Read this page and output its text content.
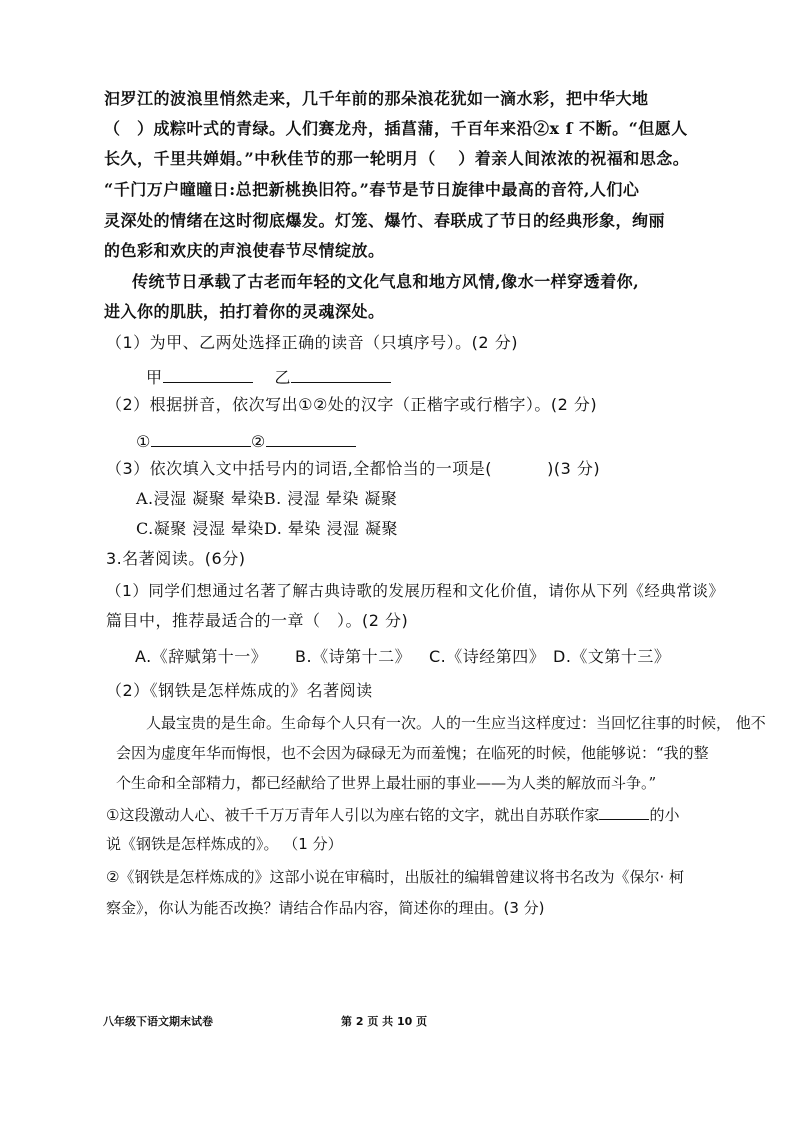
汩罗江的波浪里悄然走来，几千年前的那朵浪花犹如一滴水彩，把中华大地
（　）成粽叶式的青绿。人们赛龙舟，插菖蒲，千百年来沿②x ſ 不断。“但愿人
长久，千里共婵娟。”中秋佳节的那一轮明月（　 ）着亲人间浓浓的祝福和思念。
“千门万户曈曈日:总把新桃换旧符。”春节是节日旋律中最高的音符,人们心
灵深处的情绪在这时彻底爆发。灯笼、爆竹、春联成了节日的经典形象，绚丽
的色彩和欢庆的声浪使春节尽情绽放。
传统节日承载了古老而年轻的文化气息和地方风情,像水一样穿透着你,
进入你的肌肤，拍打着你的灵魂深处。
（1）为甲、乙两处选择正确的读音（只填序号）。(2 分)
甲	乙
（2）根据拼音，依次写出①②处的汉字（正楷字或行楷字）。(2 分)
①	②
（3）依次填入文中括号内的词语,全都恰当的一项是(　　 　)(3 分)
A.浸湿 凝聚 晕染B. 浸湿 晕染 凝聚
C.凝聚 浸湿 晕染D. 晕染 浸湿 凝聚
3.名著阅读。(6分)
（1）同学们想通过名著了解古典诗歌的发展历程和文化价值，请你从下列《经典常谈》
篇目中，推荐最适合的一章（　）。(2 分)
A.《辞赋第十一》 B.《诗第十二》 C.《诗经第四》 D.《文第十三》
（2）《钢铁是怎样炼成的》名著阅读
人最宝贵的是生命。生命每个人只有一次。人的一生应当这样度过：当回忆往事的时候， 他不
会因为虚度年华而悔恨，也不会因为碌碌无为而羞愧；在临死的时候，他能够说：“我的整
个生命和全部精力，都已经献给了世界上最壮丽的事业——为人类的解放而斗争。”
①这段激动人心、被千千万万青年人引以为座右铭的文字，就出自苏联作家	的小
说《钢铁是怎样炼成的》。 （1 分）
②《钢铁是怎样炼成的》这部小说在审稿时，出版社的编辑曾建议将书名改为《保尔· 柯
察金》，你认为能否改换？请结合作品内容，简述你的理由。(3 分)
八年级下语文期末试卷	第 2 页 共 10 页
